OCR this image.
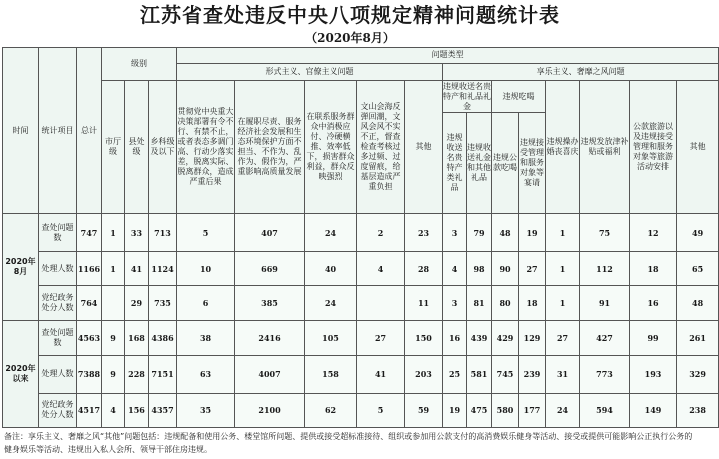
江苏省查处违反中央八项规定精神问题统计表
（2020年8月）
时间	统计项目	总计	级别			问题类型												
						形式主义、官僚主义问题					享乐主义、奢靡之风问题							
			市厅级	县处级	乡科级及以下	贯彻党中央重大决策部署有令不行、有禁不止，或者表态多调门高、行动少落实差，脱离实际、脱离群众，造成严重后果	在履职尽责、服务经济社会发展和生态环境保护方面不担当、不作为、乱作为、假作为，严重影响高质量发展	在联系服务群众中消极应付、冷硬横推、效率低下，损害群众利益，群众反映强烈	文山会海反弹回潮，文风会风不实不正，督查检查考核过多过频、过度留痕，给基层造成严重负担	其他	违规收送名贵特产和礼品礼金		违规吃喝		违规操办婚丧喜庆	违规发放津补贴或福利	公款旅游以及违规接受管理和服务对象等旅游活动安排	其他
											违规收送名贵特产类礼品	违规收送礼金和其他礼品	违规公款吃喝	违规接受管理和服务对象等宴请				

2020年8月	查处问题数	747	1	33	713	5	407	24	2	23	3	79	48	19	1	75	12	49
	处理人数	1166	1	41	1124	10	669	40	4	28	4	98	90	27	1	112	18	65
	党纪政务处分人数	764		29	735	6	385	24		11	3	81	80	18	1	91	16	48
2020年以来	查处问题数	4563	9	168	4386	38	2416	105	27	150	16	439	429	129	27	427	99	261
	处理人数	7388	9	228	7151	63	4007	158	41	203	25	581	745	239	31	773	193	329
	党纪政务处分人数	4517	4	156	4357	35	2100	62	5	59	19	475	580	177	24	594	149	238
备注：享乐主义、奢靡之风“其他”问题包括：违规配备和使用公务、楼堂馆所问题、提供或接受超标准接待、组织或参加用公款支付的高消费娱乐健身等活动、接受或提供可能影响公正执行公务的健身娱乐等活动、违规出入私人会所、领导干部住房违规。
